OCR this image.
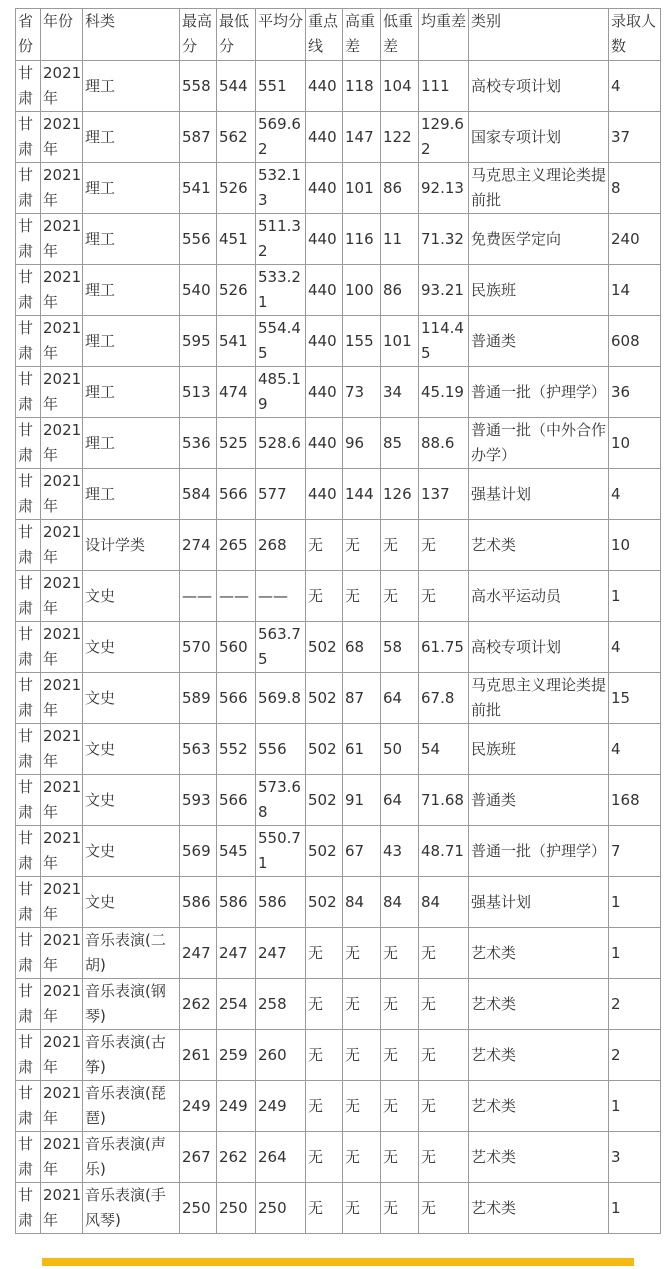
省份	年份	科类	最高分	最低分	平均分	重点线	高重差	低重差	均重差	类别	录取人数
甘肃	2021年	理工	558	544	551	440	118	104	111	高校专项计划	4
甘肃	2021年	理工	587	562	569.62	440	147	122	129.62	国家专项计划	37
甘肃	2021年	理工	541	526	532.13	440	101	86	92.13	马克思主义理论类提前批	8
甘肃	2021年	理工	556	451	511.32	440	116	11	71.32	免费医学定向	240
甘肃	2021年	理工	540	526	533.21	440	100	86	93.21	民族班	14
甘肃	2021年	理工	595	541	554.45	440	155	101	114.45	普通类	608
甘肃	2021年	理工	513	474	485.19	440	73	34	45.19	普通一批（护理学）	36
甘肃	2021年	理工	536	525	528.6	440	96	85	88.6	普通一批（中外合作办学）	10
甘肃	2021年	理工	584	566	577	440	144	126	137	强基计划	4
甘肃	2021年	设计学类	274	265	268	无	无	无	无	艺术类	10
甘肃	2021年	文史	——	——	——	无	无	无	无	高水平运动员	1
甘肃	2021年	文史	570	560	563.75	502	68	58	61.75	高校专项计划	4
甘肃	2021年	文史	589	566	569.8	502	87	64	67.8	马克思主义理论类提前批	15
甘肃	2021年	文史	563	552	556	502	61	50	54	民族班	4
甘肃	2021年	文史	593	566	573.68	502	91	64	71.68	普通类	168
甘肃	2021年	文史	569	545	550.71	502	67	43	48.71	普通一批（护理学）	7
甘肃	2021年	文史	586	586	586	502	84	84	84	强基计划	1
甘肃	2021年	音乐表演(二胡)	247	247	247	无	无	无	无	艺术类	1
甘肃	2021年	音乐表演(钢琴)	262	254	258	无	无	无	无	艺术类	2
甘肃	2021年	音乐表演(古筝)	261	259	260	无	无	无	无	艺术类	2
甘肃	2021年	音乐表演(琵琶)	249	249	249	无	无	无	无	艺术类	1
甘肃	2021年	音乐表演(声乐)	267	262	264	无	无	无	无	艺术类	3
甘肃	2021年	音乐表演(手风琴)	250	250	250	无	无	无	无	艺术类	1
